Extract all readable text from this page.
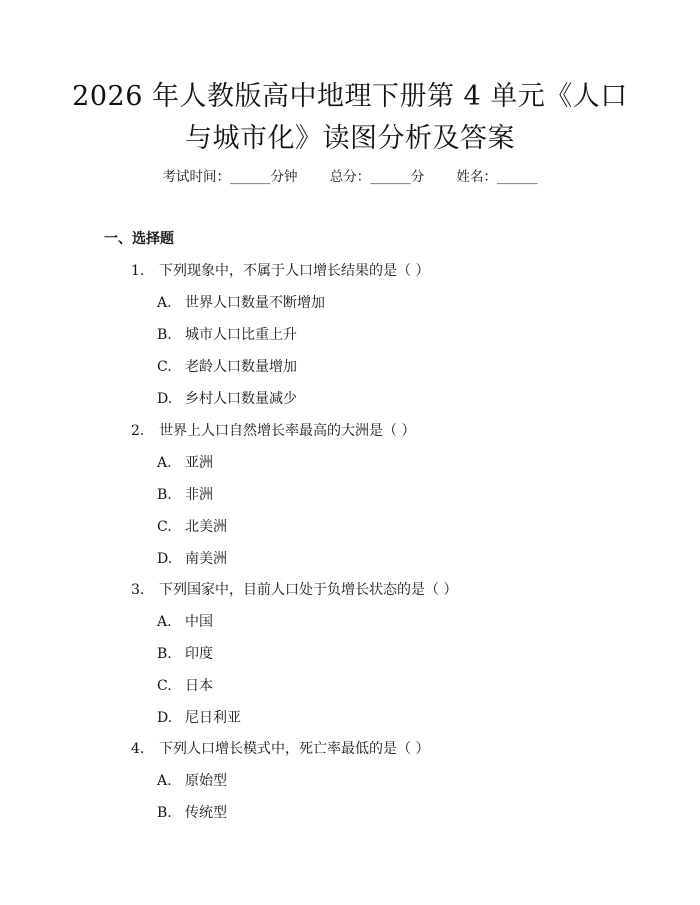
2026 年人教版高中地理下册第 4 单元《人口
与城市化》读图分析及答案
考试时间：______分钟 总分：______分 姓名：______
一、选择题
1. 下列现象中，不属于人口增长结果的是（ ）
A. 世界人口数量不断增加
B. 城市人口比重上升
C. 老龄人口数量增加
D. 乡村人口数量减少
2. 世界上人口自然增长率最高的大洲是（ ）
A. 亚洲
B. 非洲
C. 北美洲
D. 南美洲
3. 下列国家中，目前人口处于负增长状态的是（ ）
A. 中国
B. 印度
C. 日本
D. 尼日利亚
4. 下列人口增长模式中，死亡率最低的是（ ）
A. 原始型
B. 传统型
